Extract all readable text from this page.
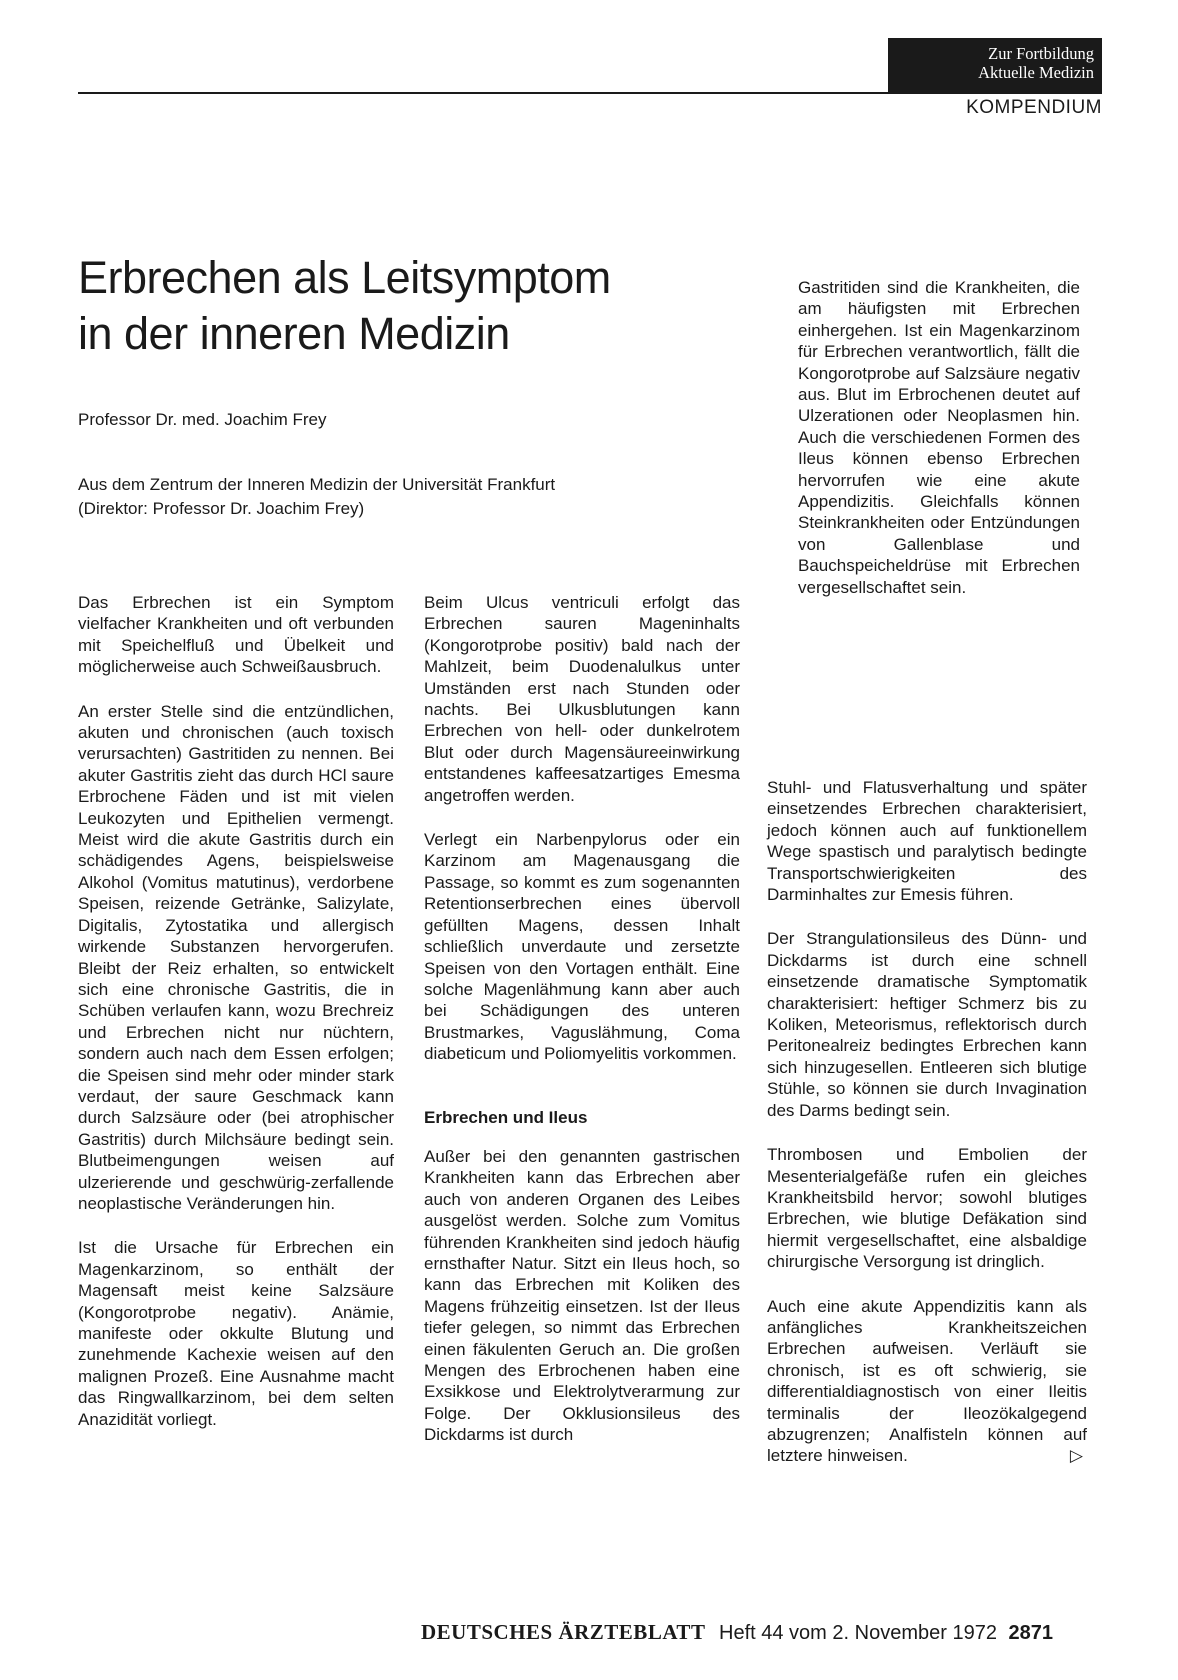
Zur Fortbildung
Aktuelle Medizin
KOMPENDIUM
Erbrechen als Leitsymptom
in der inneren Medizin
Professor Dr. med. Joachim Frey
Aus dem Zentrum der Inneren Medizin der Universität Frankfurt
(Direktor: Professor Dr. Joachim Frey)

Gastritiden sind die Krankheiten, die am häufigsten mit Erbrechen einhergehen. Ist ein Magenkarzinom für Erbrechen verantwortlich, fällt die Kongorotprobe auf Salzsäure negativ aus. Blut im Erbrochenen deutet auf Ulzerationen oder Neoplasmen hin. Auch die verschiedenen Formen des Ileus können ebenso Erbrechen hervorrufen wie eine akute Appendizitis. Gleichfalls können Steinkrankheiten oder Entzündungen von Gallenblase und Bauchspeicheldrüse mit Erbrechen vergesellschaftet sein.

Das Erbrechen ist ein Symptom vielfacher Krankheiten und oft verbunden mit Speichelfluß und Übelkeit und möglicherweise auch Schweißausbruch.

An erster Stelle sind die entzündlichen, akuten und chronischen (auch toxisch verursachten) Gastritiden zu nennen. Bei akuter Gastritis zieht das durch HCl saure Erbrochene Fäden und ist mit vielen Leukozyten und Epithelien vermengt. Meist wird die akute Gastritis durch ein schädigendes Agens, beispielsweise Alkohol (Vomitus matutinus), verdorbene Speisen, reizende Getränke, Salizylate, Digitalis, Zytostatika und allergisch wirkende Substanzen hervorgerufen. Bleibt der Reiz erhalten, so entwickelt sich eine chronische Gastritis, die in Schüben verlaufen kann, wozu Brechreiz und Erbrechen nicht nur nüchtern, sondern auch nach dem Essen erfolgen; die Speisen sind mehr oder minder stark verdaut, der saure Geschmack kann durch Salzsäure oder (bei atrophischer Gastritis) durch Milchsäure bedingt sein. Blutbeimengungen weisen auf ulzerierende und geschwürig-zerfallende neoplastische Veränderungen hin.

Ist die Ursache für Erbrechen ein Magenkarzinom, so enthält der Magensaft meist keine Salzsäure (Kongorotprobe negativ). Anämie, manifeste oder okkulte Blutung und zunehmende Kachexie weisen auf den malignen Prozeß. Eine Ausnahme macht das Ringwallkarzinom, bei dem selten Anazidität vorliegt.

Beim Ulcus ventriculi erfolgt das Erbrechen sauren Mageninhalts (Kongorotprobe positiv) bald nach der Mahlzeit, beim Duodenalulkus unter Umständen erst nach Stunden oder nachts. Bei Ulkusblutungen kann Erbrechen von hell- oder dunkelrotem Blut oder durch Magensäureeinwirkung entstandenes kaffeesatzartiges Emesma angetroffen werden.

Verlegt ein Narbenpylorus oder ein Karzinom am Magenausgang die Passage, so kommt es zum sogenannten Retentionserbrechen eines übervoll gefüllten Magens, dessen Inhalt schließlich unverdaute und zersetzte Speisen von den Vortagen enthält. Eine solche Magenlähmung kann aber auch bei Schädigungen des unteren Brustmarkes, Vaguslähmung, Coma diabeticum und Poliomyelitis vorkommen.

Erbrechen und Ileus

Außer bei den genannten gastrischen Krankheiten kann das Erbrechen aber auch von anderen Organen des Leibes ausgelöst werden. Solche zum Vomitus führenden Krankheiten sind jedoch häufig ernsthafter Natur. Sitzt ein Ileus hoch, so kann das Erbrechen mit Koliken des Magens frühzeitig einsetzen. Ist der Ileus tiefer gelegen, so nimmt das Erbrechen einen fäkulenten Geruch an. Die großen Mengen des Erbrochenen haben eine Exsikkose und Elektrolytverarmung zur Folge. Der Okklusionsileus des Dickdarms ist durch

Stuhl- und Flatusverhaltung und später einsetzendes Erbrechen charakterisiert, jedoch können auch auf funktionellem Wege spastisch und paralytisch bedingte Transportschwierigkeiten des Darminhaltes zur Emesis führen.

Der Strangulationsileus des Dünn- und Dickdarms ist durch eine schnell einsetzende dramatische Symptomatik charakterisiert: heftiger Schmerz bis zu Koliken, Meteorismus, reflektorisch durch Peritonealreiz bedingtes Erbrechen kann sich hinzugesellen. Entleeren sich blutige Stühle, so können sie durch Invagination des Darms bedingt sein.

Thrombosen und Embolien der Mesenterialgefäße rufen ein gleiches Krankheitsbild hervor; sowohl blutiges Erbrechen, wie blutige Defäkation sind hiermit vergesellschaftet, eine alsbaldige chirurgische Versorgung ist dringlich.

Auch eine akute Appendizitis kann als anfängliches Krankheitszeichen Erbrechen aufweisen. Verläuft sie chronisch, ist es oft schwierig, sie differentialdiagnostisch von einer Ileitis terminalis der Ileozökalgegend abzugrenzen; Analfisteln können auf letztere hinweisen.	▷

DEUTSCHES ÄRZTEBLATT Heft 44 vom 2. November 1972 2871
